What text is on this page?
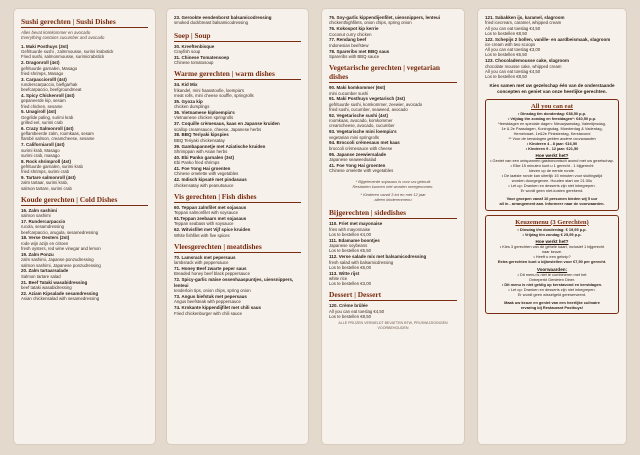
Sushi gerechten | Sushi Dishes
Alles bevat komkommer en avocado
Everything contains cucumber and avocado
1. Maki Posthuys (3st)
Gefrituurde sushi , zalmmousse, surimi krabstick
Fried sushi, salmonmousse, surimicrabstick
2. Dragonroll (4st)
gefrituurde garnalen, Masago
fried shrimps, Masago
3. Carpacciorolll (4st)
runderscarpaccio, bieflgarhak
beefcarpaccio, beefgroundmeat
4. Spicy Chickenroll (4st)
gepaneerde kip, sesam
fried chicken, sesame
5. Unagiroll (4st)
Gegrilde paling, surimi krab
grilled eel, surimi crab
6. Crazy Salmonroll (4st)
geflambeerde zalm, roomkaas, sesam
flambé salmon, creamcheese, sesame
7. Californiaroll (4st)
surimi krab, Masago
surimi crab, masago
8. Rock shrimproll (4st)
gefrituurde garnalen, surimi krab
fried shrimps, surimi crab
9. Tartare salmonroll (4st)
zalm tartaar, surimi krab,
salmon tartare, surimi crab
Koude gerechten | Cold Dishes
16. Zalm sashimi
salmon sashimi
17. Rundercarpaccio
rucola, sesamdressing
beefcarpaccio, arugula, sesamedressing
18. Verse Oesters (2st)
rode wijn azijn en citroen
fresh oysters, red wine vinegar and lemon
19. Zalm Ponzu
zalm sashimi, Japanse ponzudressing
salmon sashimi, Japanese ponzudressing
20. Zalm tartaarsalade
Salmon tartare salad
21. Beef Tataki wasabidressing
beef tataki wasabidressing
22. Aziam Kipsalade sesamdressing
Asian chickensalad with sesamedressing
23. Gerookte eendenborst balsamicodressing
smoked duckbreast balsamicodressing
Soep | Soup
30. Kreeftenbisque
Crayfish soup
31. Chinese Tomatensoep
Chinese tomatosoup
Warme gerechten | warm dishes
34. Kid Mix
frikandel, mini haasstoofie, loempia's
meat rolls, mini cheese souffle, springrolls
35. Gyoza kip
chicken dumplings
36. Vietnamese kiploempia's
Vietnamese chicken springrolls
37. Coquille crèmesaus, kaas en Japanse kruiden
scallop creamsauce, cheese, Japanese herbs
38. BBQ Teriyaki kipspies
BBQ Teriyaki chickensatay
39. Gambapannetje met Aziatische kruiden
Shrimppan with Asian herbs
40. Ebi Panko garnalen (3st)
Ebi Panko fried shrimps
41. Foe Yong Hai groenten
Chinese omelette with vegetables
42. Indisch kipsaté met pindasaus
chickensatay with peanutsauce
Vis gerechten | Fish dishes
60. Teppan zalmfilet met sojasaus
Teppan salmonfilet with soysauce
61.Teppan zeebaars met sojasaus
Teppan seabass with soysauce
62. Witvisfilet met Vijf spice kruiden
White fishfilet with five spices
Vleesgerechten | meatdishes
70. Lamsrack met pepersaus
lambsrack with peppersauce
71. Honey Beef zwarte peper saus
Breaded honey beef black peppersauce
72. Spicy-garlic mäise ossenhaaspuntjes, uiensnippers, lenteui
tenderloin tips, onion chips, spring onion
73. Angus biefstuk met pepersaus
Angus beefsteak with peppersauce
74. Krokante kippendijfilet met chili saus
Fried chickenburger with chili sauce
75. Soy-garlic kippendijenfilet, uiensnippers, lenteui
chickenthighfilets, onion chips, spring onion
76. Kokospot kip kerrie
Coconut curry chicken
77. Rendang beef
Indonesian beefstew
78. Spareribs met BBQ saus
Spareribs with BBQ sauce
Vegetarische gerechten | vegetarian dishes
90. Maki komkommer (6st)
mini cucumber sushi
91. Maki Posthuys vegetarisch (3st)
gefrituurde sushi, komkommer, zeewier, avocado
fried sushi, cucumber, seaweed, avocado
92. Vegetarische sushi (4st)
roomkaas, avocado, komkommer
creamcheese, avocado, cucumber
93. Vegetarische mini loempia's
vegetarian mini springrolls
94. Broccoli crèmesaus met kaas
broccoli crèmesauce with cheese
95. Japanse zeewiersalade
Japanese seaweedsalad
41. Foe Yong Hai groenten
Chinese omelette with vegetables
* Bijgeleverde sojasaus is voor uw gebruik
Restanten kunnen niet worden meegenomen.
* Kinderen vanaf 3 tot en met 12 jaar
alleen kinderenmenu
Bijgerechten | sidedishes
110. Friet met mayonaise
fries with mayonnaise
Los te bestellen €4,00
111. Edamame boontjes
Japanese soybeans
Los te bestellen €5,50
112. Verse salade mix met balsamicodressing
fresh salad with balsamicdressing
Los te bestellen €6,00
113. Witte rijst
white rice
Los te bestellen €3,00
Dessert | Dessert
120. Crème brûlée
All you can eat toeslag €4,50
Los te bestellen €8,50
ALLE PRIJZEN VERMELDT BEVATTEN BTW, PRIJSWIJZIGINGEN VOORBEHOUDEN
121. Sabakken ijs, karamel, slagroom
fried icecream, caramel, whipped cream
All you can eat toeslag €4,50
Los te bestellen €8,50
122. Schepijs 2 bollen, vanille- en aardbeismaak, slagroom
ice cream with two scoops
All you can eat toeslag €3,00
Los te bestellen €6,50
123. Chocolademousse cake, slagroom
chocolate mousse cake, whipped cream
All you can eat toeslag €4,50
Los te bestellen €8,50
Kies samen met uw gezelschap één van de onderstaande concepten en geniet van onze heerlijke gerechten.
All you can eat
• Dinsdag t/m donderdag: €38,50 p.p.
• Vrijdag t/m zondag en feestdagen*: €40,50 p.p.
*feestdagen en speciale dagen: Nieuwjaarsdag, Valentijnsdag,
1e & 2e Paasdagen, Koningsdag, Moederdag & Vaderdag,
Hemelvaart, 1e&2e Pinksterdag, Kerstavond
** Voor de kerstdagen gelden andere voorwaarden
• Kinderen 4 - 8 jaar: €16,50
• Kinderen 9 - 12 jaar: €21,50
Hoe werkt het?
• Geniet van een ontspannen gastronomisch avond met uw gezelschap.
• Elke 15 minuten kunt u 1 gerecht - 1 bijgerecht
kiezen op de eerste ronde.
• De laatste ronde kan uiterlijk 15 minuten voor sluitingstijd
worden doorgegeven. Houden start om 21:30u
• Let op: Dranken en desserts zijn niet inbegrepen.
Er wordt geen niet-kosten gerekend.
Voor groepen vanaf 10 personen bieden wij 5 uur
all in - arrangement aan. Informeer naar de voorwaarden.
Keuzemenu (3 Gerechten)
• Dinsdag t/m donderdag: € 19,95 p.p.
• Vrijdag t/m zondag € 25,95 p.p.
Hoe werkt het?
• Kies 3 gerechten van de gehele kaart, inclusief 1 bijgerecht
naar keuze.
• Heeft u een geknip?
Extra gerechten kunt u bijbestellen voor €7,50 per gerecht.
Voorwaarden:
• Dit menu is niet te combineren met het
Onbeperkt Genieten Diner.
• Dit menu is niet geldig op kerstavond en kerstdagen.
• Let op: Dranken en desserts zijn niet inbegrepen.
Er wordt geen wisselgeld gereserveerd.
Maak uw keuze en geniet van een heerlijke culinaire
ervaring bij Restaurant Posthuys!
